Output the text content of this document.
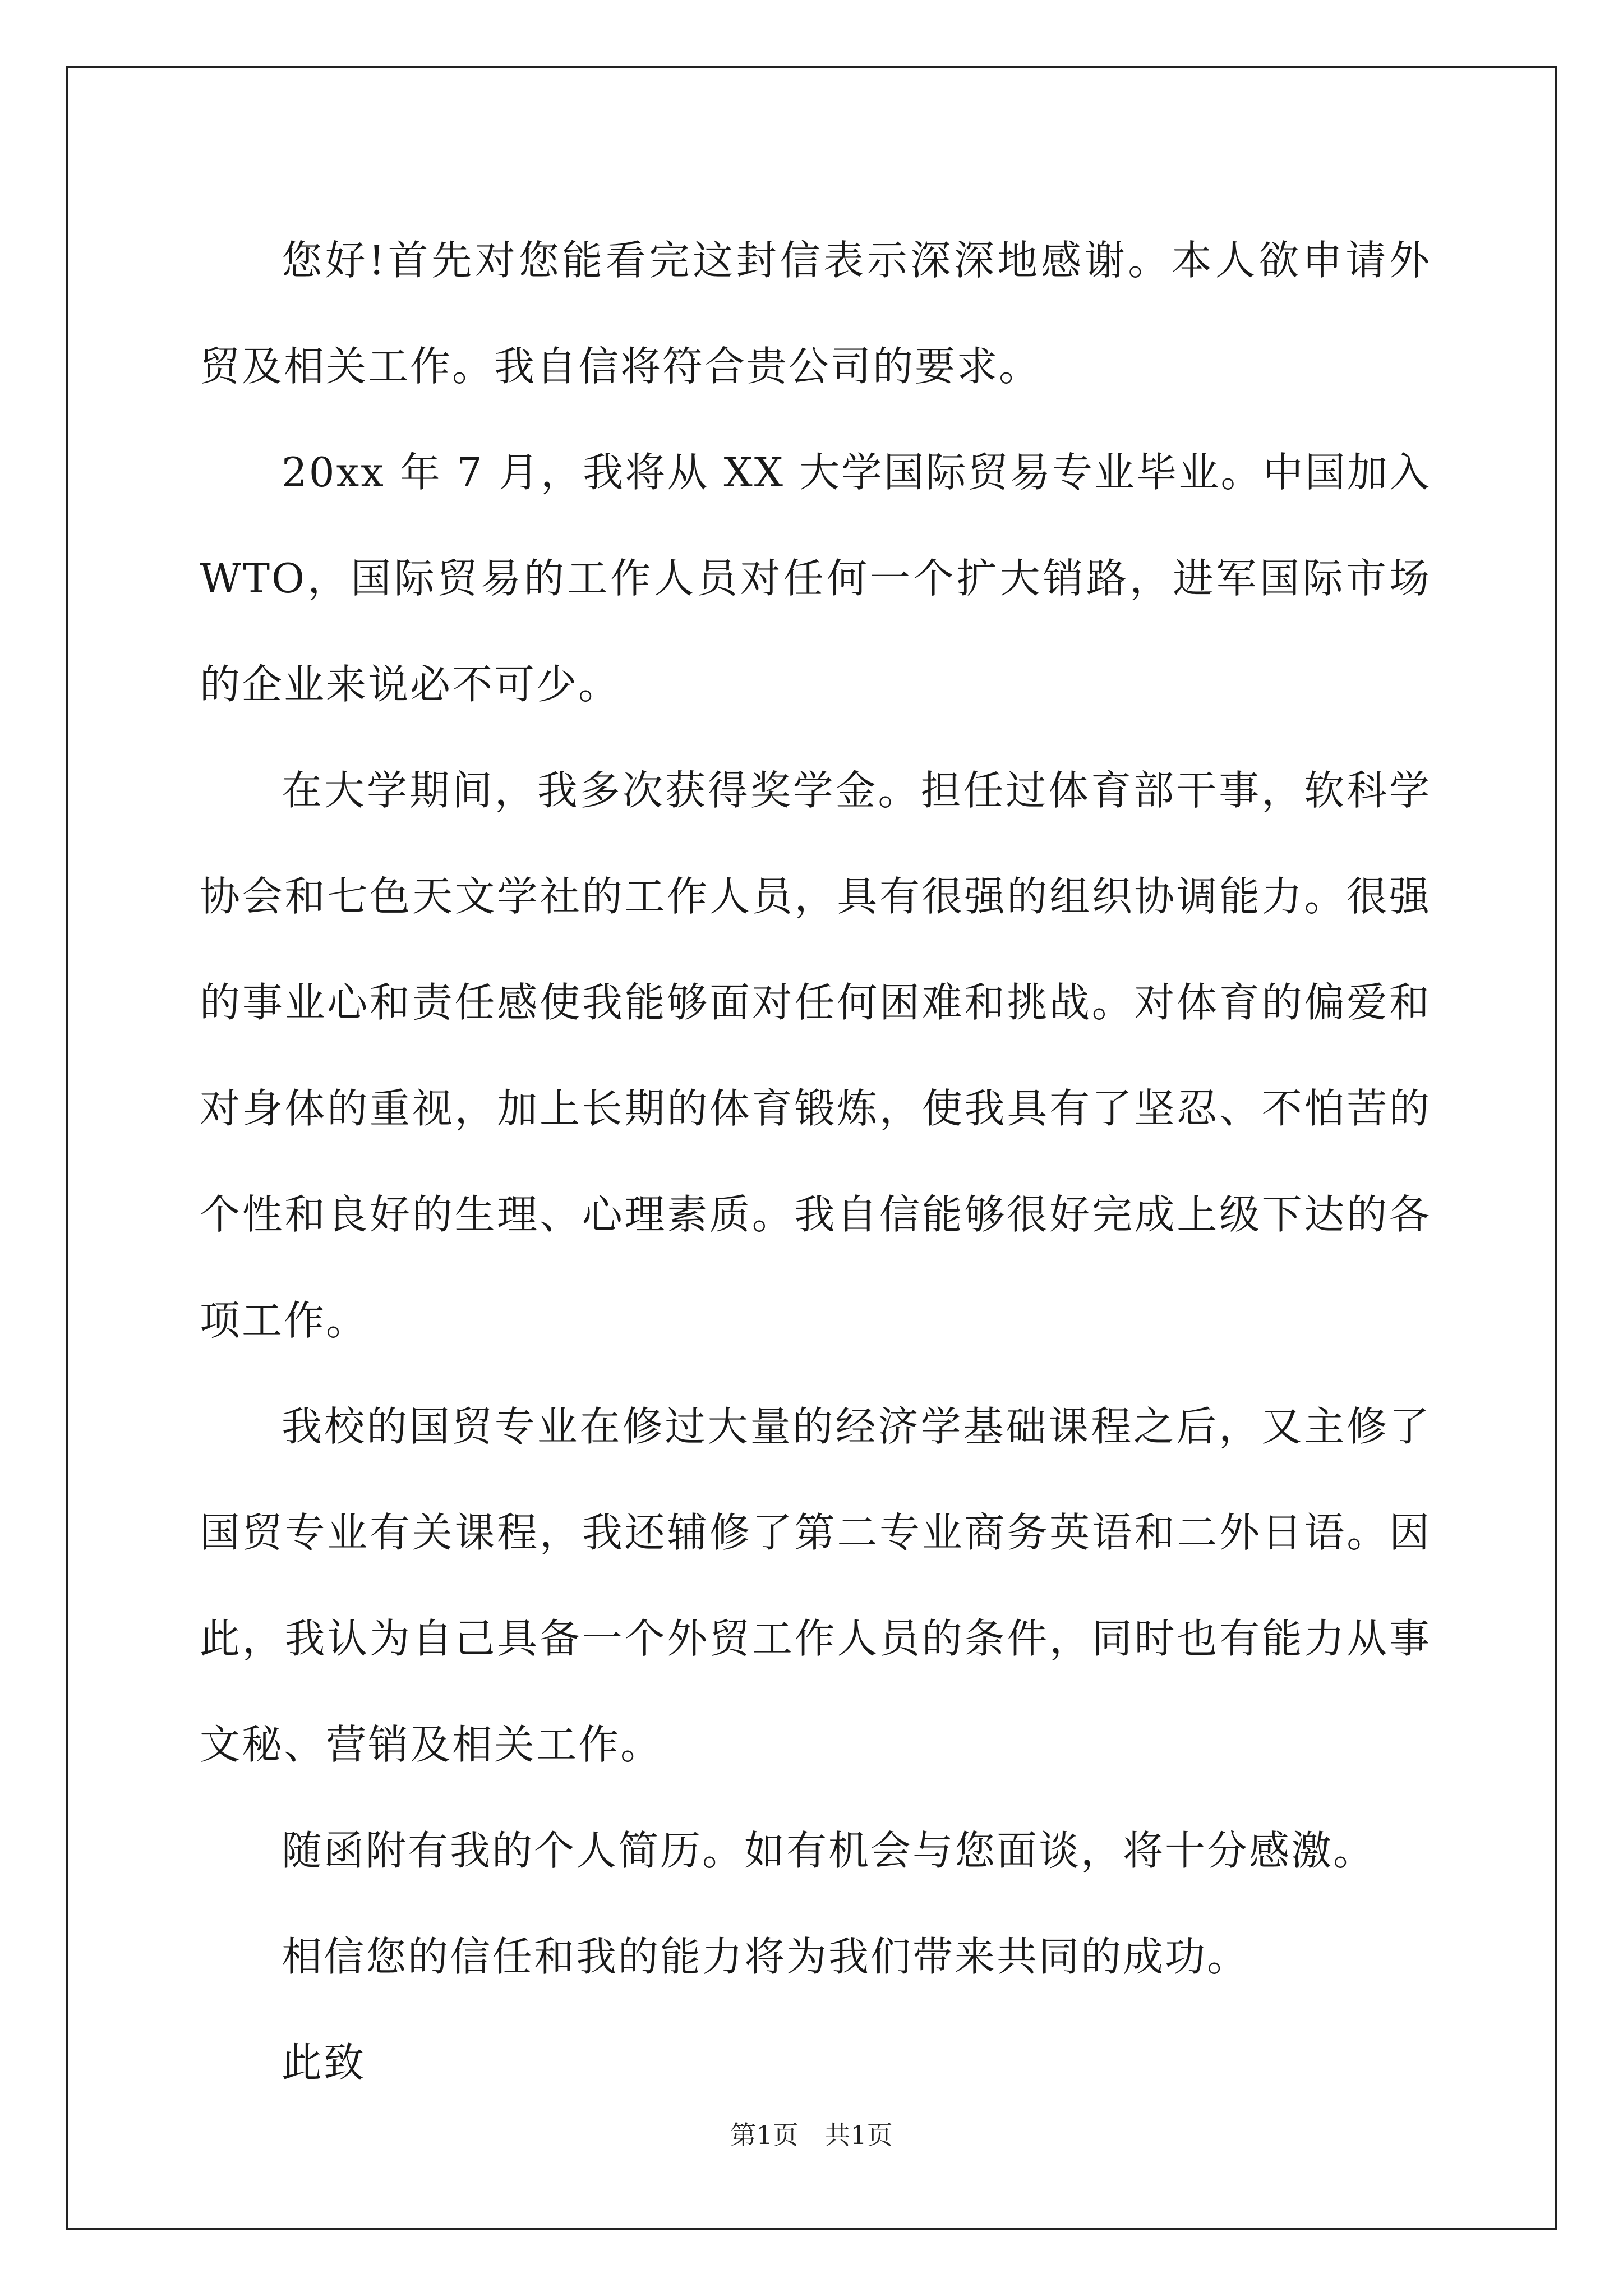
您好!首先对您能看完这封信表示深深地感谢。本人欲申请外贸及相关工作。我自信将符合贵公司的要求。

20xx 年 7 月，我将从 XX 大学国际贸易专业毕业。中国加入 WTO，国际贸易的工作人员对任何一个扩大销路，进军国际市场的企业来说必不可少。

在大学期间，我多次获得奖学金。担任过体育部干事，软科学协会和七色天文学社的工作人员，具有很强的组织协调能力。很强的事业心和责任感使我能够面对任何困难和挑战。对体育的偏爱和对身体的重视，加上长期的体育锻炼，使我具有了坚忍、不怕苦的个性和良好的生理、心理素质。我自信能够很好完成上级下达的各项工作。

我校的国贸专业在修过大量的经济学基础课程之后，又主修了国贸专业有关课程，我还辅修了第二专业商务英语和二外日语。因此，我认为自己具备一个外贸工作人员的条件，同时也有能力从事文秘、营销及相关工作。

随函附有我的个人简历。如有机会与您面谈，将十分感激。

相信您的信任和我的能力将为我们带来共同的成功。

此致

第1页 共1页
